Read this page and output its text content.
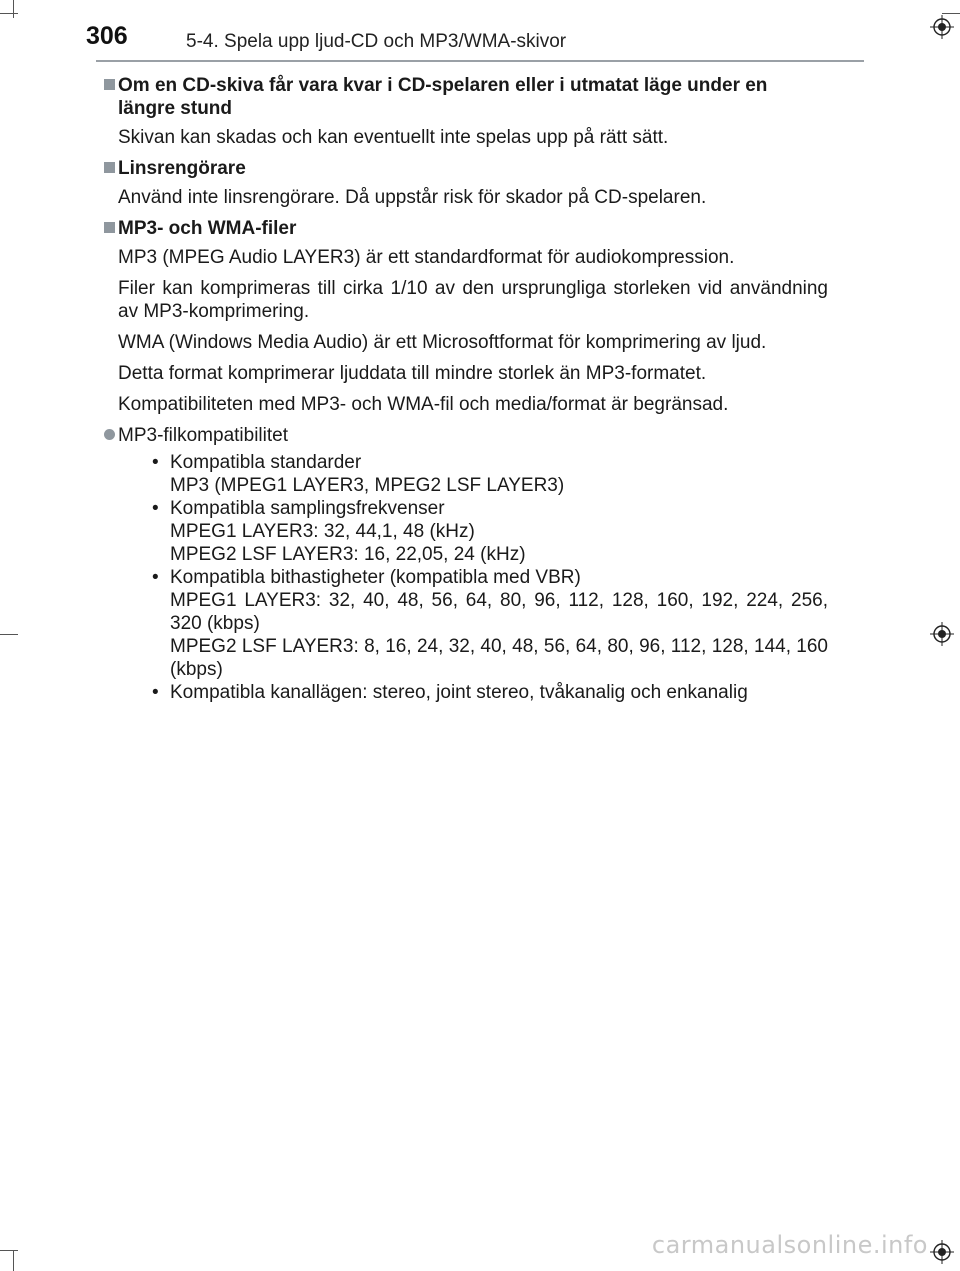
306	5-4. Spela upp ljud-CD och MP3/WMA-skivor
Om en CD-skiva får vara kvar i CD-spelaren eller i utmatat läge under en längre stund

Skivan kan skadas och kan eventuellt inte spelas upp på rätt sätt.

Linsrengörare

Använd inte linsrengörare. Då uppstår risk för skador på CD-spelaren.

MP3- och WMA-filer

MP3 (MPEG Audio LAYER3) är ett standardformat för audiokompression.

Filer kan komprimeras till cirka 1/10 av den ursprungliga storleken vid användning av MP3-komprimering.

WMA (Windows Media Audio) är ett Microsoftformat för komprimering av ljud.

Detta format komprimerar ljuddata till mindre storlek än MP3-formatet.

Kompatibiliteten med MP3- och WMA-fil och media/format är begränsad.

MP3-filkompatibilitet
• Kompatibla standarder
MP3 (MPEG1 LAYER3, MPEG2 LSF LAYER3)
• Kompatibla samplingsfrekvenser
MPEG1 LAYER3: 32, 44,1, 48 (kHz)
MPEG2 LSF LAYER3: 16, 22,05, 24 (kHz)
• Kompatibla bithastigheter (kompatibla med VBR)
MPEG1 LAYER3: 32, 40, 48, 56, 64, 80, 96, 112, 128, 160, 192, 224, 256, 320 (kbps)
MPEG2 LSF LAYER3: 8, 16, 24, 32, 40, 48, 56, 64, 80, 96, 112, 128, 144, 160 (kbps)
• Kompatibla kanallägen: stereo, joint stereo, tvåkanalig och enkanalig
carmanualsonline.info
